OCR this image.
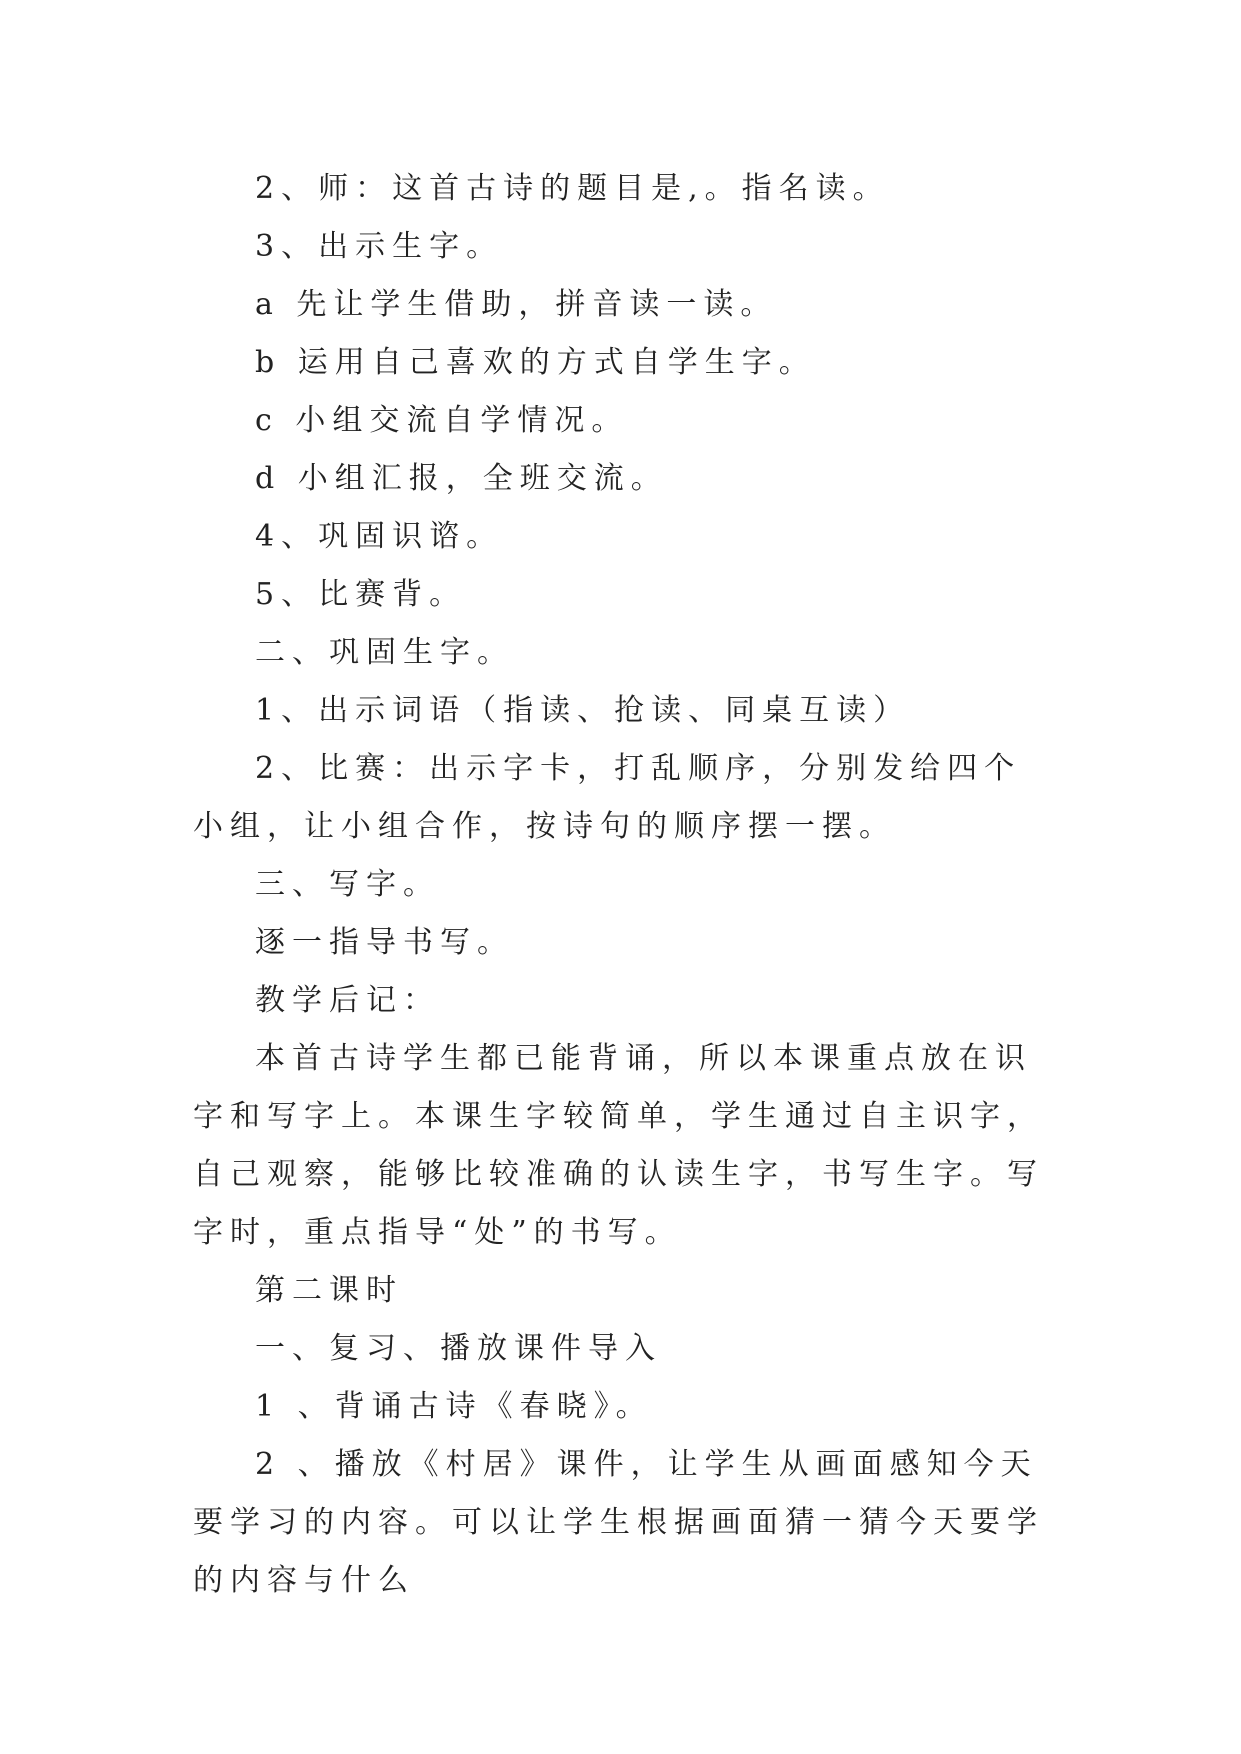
2、师：这首古诗的题目是,。指名读。

3、出示生字。

a 先让学生借助，拼音读一读。

b 运用自己喜欢的方式自学生字。

c 小组交流自学情况。

d 小组汇报，全班交流。

4、巩固识谘。

5、比赛背。

二、巩固生字。

1、出示词语（指读、抢读、同桌互读）

2、比赛：出示字卡，打乱顺序，分别发给四个小组，让小组合作，按诗句的顺序摆一摆。

三、写字。

逐一指导书写。

教学后记：

本首古诗学生都已能背诵，所以本课重点放在识字和写字上。本课生字较简单，学生通过自主识字，自己观察，能够比较准确的认读生字，书写生字。写字时，重点指导“处”的书写。

第二课时

一、复习、播放课件导入

1 、背诵古诗《春晓》。

2 、播放《村居》课件，让学生从画面感知今天要学习的内容。可以让学生根据画面猜一猜今天要学的内容与什么
